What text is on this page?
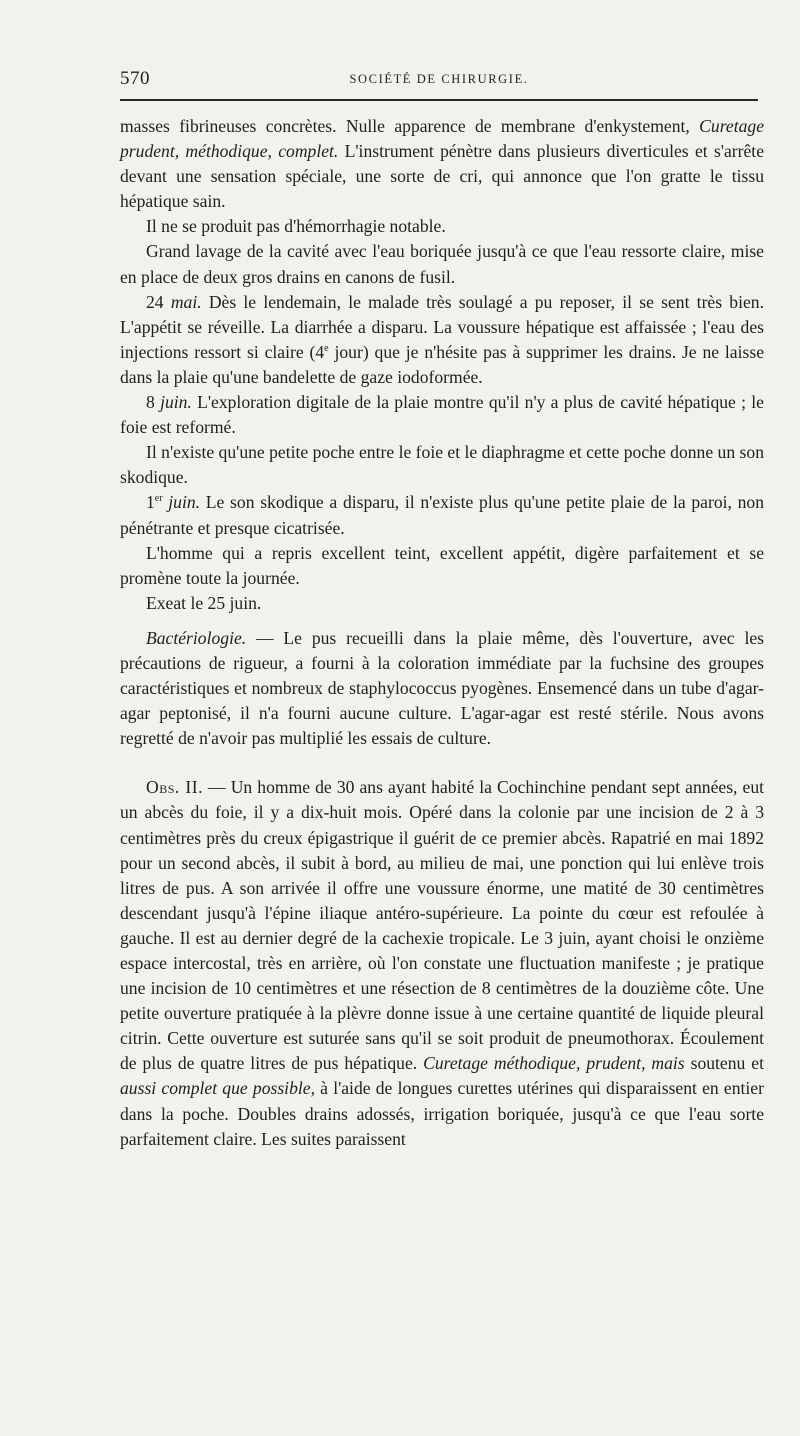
570	SOCIÉTÉ DE CHIRURGIE.

masses fibrineuses concrètes. Nulle apparence de membrane d'enkystement, Curetage prudent, méthodique, complet. L'instrument pénètre dans plusieurs diverticules et s'arrête devant une sensation spéciale, une sorte de cri, qui annonce que l'on gratte le tissu hépatique sain.

Il ne se produit pas d'hémorrhagie notable.

Grand lavage de la cavité avec l'eau boriquée jusqu'à ce que l'eau ressorte claire, mise en place de deux gros drains en canons de fusil.

24 mai. Dès le lendemain, le malade très soulagé a pu reposer, il se sent très bien. L'appétit se réveille. La diarrhée a disparu. La voussure hépatique est affaissée ; l'eau des injections ressort si claire (4e jour) que je n'hésite pas à supprimer les drains. Je ne laisse dans la plaie qu'une bandelette de gaze iodoformée.

8 juin. L'exploration digitale de la plaie montre qu'il n'y a plus de cavité hépatique ; le foie est reformé.

Il n'existe qu'une petite poche entre le foie et le diaphragme et cette poche donne un son skodique.

1er juin. Le son skodique a disparu, il n'existe plus qu'une petite plaie de la paroi, non pénétrante et presque cicatrisée.

L'homme qui a repris excellent teint, excellent appétit, digère parfaitement et se promène toute la journée.

Exeat le 25 juin.

Bactériologie. — Le pus recueilli dans la plaie même, dès l'ouverture, avec les précautions de rigueur, a fourni à la coloration immédiate par la fuchsine des groupes caractéristiques et nombreux de staphylococcus pyogènes. Ensemencé dans un tube d'agar-agar peptonisé, il n'a fourni aucune culture. L'agar-agar est resté stérile. Nous avons regretté de n'avoir pas multiplié les essais de culture.

Obs. II. — Un homme de 30 ans ayant habité la Cochinchine pendant sept années, eut un abcès du foie, il y a dix-huit mois. Opéré dans la colonie par une incision de 2 à 3 centimètres près du creux épigastrique il guérit de ce premier abcès. Rapatrié en mai 1892 pour un second abcès, il subit à bord, au milieu de mai, une ponction qui lui enlève trois litres de pus. A son arrivée il offre une voussure énorme, une matité de 30 centimètres descendant jusqu'à l'épine iliaque antéro-supérieure. La pointe du cœur est refoulée à gauche. Il est au dernier degré de la cachexie tropicale. Le 3 juin, ayant choisi le onzième espace intercostal, très en arrière, où l'on constate une fluctuation manifeste ; je pratique une incision de 10 centimètres et une résection de 8 centimètres de la douzième côte. Une petite ouverture pratiquée à la plèvre donne issue à une certaine quantité de liquide pleural citrin. Cette ouverture est suturée sans qu'il se soit produit de pneumothorax. Écoulement de plus de quatre litres de pus hépatique. Curetage méthodique, prudent, mais soutenu et aussi complet que possible, à l'aide de longues curettes utérines qui disparaissent en entier dans la poche. Doubles drains adossés, irrigation boriquée, jusqu'à ce que l'eau sorte parfaitement claire. Les suites paraissent
